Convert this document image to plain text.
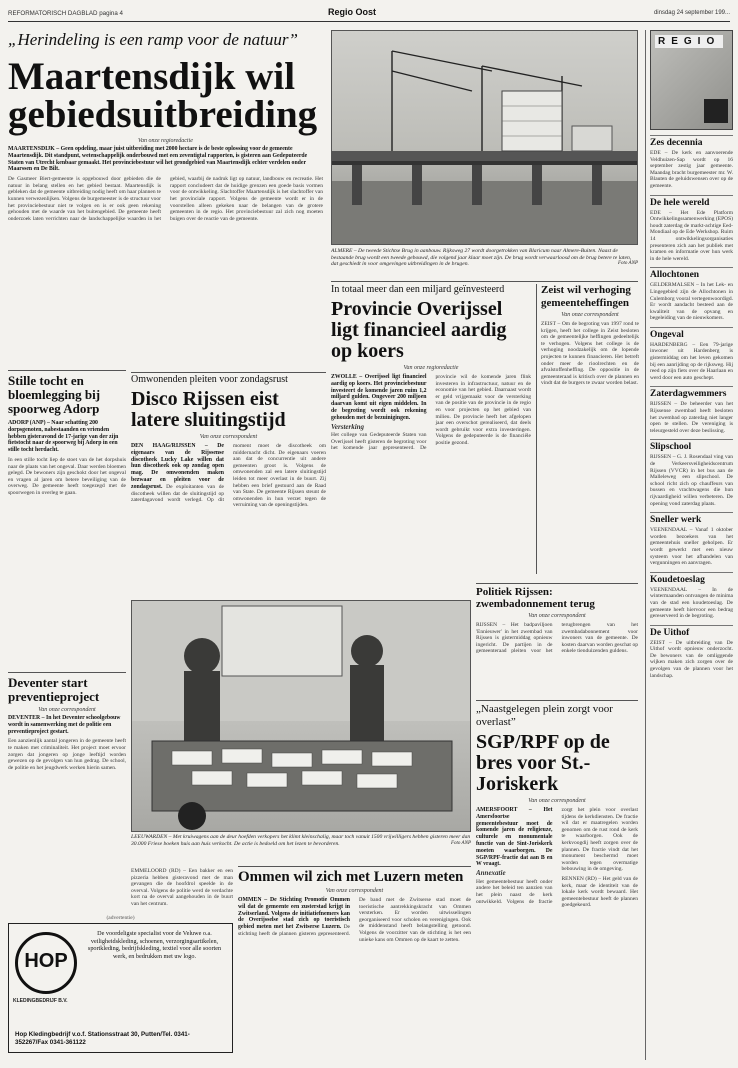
REFORMATORISCH DAGBLAD pagina 4	Regio Oost	dinsdag 24 september 199...
„Herindeling is een ramp voor de natuur”
Maartensdijk wil gebiedsuitbreiding
Van onze regioredactie
MAARTENSDIJK – Geen opdeling, maar juist uitbreiding met 2000 hectare is de beste oplossing voor de gemeente Maartensdijk. Dit standpunt, wetenschappelijk onderbouwd met een zeventigtal rapporten, is gisteren aan Gedeputeerde Staten van Utrecht kenbaar gemaakt. Het provinciebestuur wil het grondgebied van Maartensdijk echter verdelen onder Maarssen en De Bilt.
De Gasmeer Biert-gemeente is opgebouwd door gebieden die de natuur in belang stellen en het gebied bestaat. Maartensdijk is gebleken dat de gemeente uitbreiding nodig heeft om haar plannen te kunnen verwezenlijken. Volgens de burgemeester is de structuur voor het provinciebestuur niet te volgen en is er ook geen rekening gehouden met de waarde van het buitengebied. De gemeente heeft onderzoek laten verrichten naar de landschappelijke waarden in het gebied, waarbij de nadruk ligt op natuur, landbouw en recreatie. Het rapport concludeert dat de huidige grenzen een goede basis vormen voor de ontwikkeling. Slachtoffer Maartensdijk is het slachtoffer van het provinciale rapport. Volgens de gemeente wordt er in de voorstellen alleen gekeken naar de belangen van de grotere gemeenten in de regio. Het provinciebestuur zal zich nog moeten buigen over de reactie van de gemeente.
ALMERE – De tweede Stichtse Brug in aanbouw. Rijksweg 27 wordt doorgetrokken van Blaricum naar Almere-Buiten. Naast de bestaande brug wordt een tweede gebouwd, die volgend jaar klaar moet zijn. De brug wordt verwaarloosd om de brug betere te laten, dat geschiedt in voor omgevingen uitbreidingen in de brugen.	Foto ANP
REGIO
Zes decennia
EDE – De kerk en aanvoerende Veldhuizen-Sap wordt op 16 september zestig jaar gemeente. Maandag bracht burgemeester mr. W. Blauten de geluidswensen over op de gemeente.
De hele wereld
EDE – Het Ede Platform Ontwikkelingssamenwerking (EPOS) houdt zaterdag de markt-achtige Eed-Mondiaal op de Ede Werkshop. Ruim 14 ontwikkelingsorganisaties presenteren zich aan het publiek met kramen en informatie over hun werk in de hele wereld.
Allochtonen
GELDERMALSEN – In het Lek- en Lingegebied zijn de Allochtonen in Culemborg vooral vertegenwoordigd. Er wordt aandacht besteed aan de kwaliteit van de opvang en begeleiding van de nieuwkomers.
Ongeval
HARDENBERG – Een 79-jarige inwoner uit Hardenberg is gistermiddag om het leven gekomen bij een aanrijding op de rijksweg. Hij reed op zijn fiets over de Haarlaan en werd door een auto geschept.
Zaterdagwemmers
RIJSSEN – De beheerder van het Rijssense zwembad heeft besloten het zwembad op zaterdag niet langer open te stellen. De vereniging is teleurgesteld over deze beslissing.
Slipschool
RIJSSEN – G. J. Rosendaal ving van de Verkeersveiligheidscentrum Rijssen (VVCR) in het bus aan de Malleleweg een slipschool. De school richt zich op chauffeurs van bussen en vrachtwagens die hun rijvaardigheid willen verbeteren. De opening vond zaterdag plaats.
Sneller werk
VEENENDAAL – Vanaf 1 oktober worden bezoekers van het gemeentehuis sneller geholpen. Er wordt gewerkt met een nieuw systeem voor het afhandelen van vergunningen en aanvragen.
Koudetoeslag
VEENENDAAL – In de wintermaanden ontvangen de minima van de stad een koudetoeslag. De gemeente heeft hiervoor een bedrag gereserveerd in de begroting.
De Uithof
ZEIST – De uitbreiding van De Uithof wordt opnieuw onderzocht. De bewoners van de omliggende wijken maken zich zorgen over de gevolgen van de plannen voor het landschap.
In totaal meer dan een miljard geïnvesteerd
Provincie Overijssel ligt financieel aardig op koers
Van onze regioredactie
ZWOLLE – Overijssel ligt financieel aardig op koers. Het provinciebestuur investeert de komende jaren ruim 1,2 miljard gulden. Ongeveer 200 miljoen daarvan komt uit eigen middelen. In de begroting wordt ook rekening gehouden met de bezuinigingen.
Versterking
Het college van Gedeputeerde Staten van Overijssel heeft gisteren de begroting voor het komende jaar gepresenteerd. De provincie wil de komende jaren flink investeren in infrastructuur, natuur en de economie van het gebied. Daarnaast wordt er geld vrijgemaakt voor de versterking van de positie van de provincie in de regio en voor projecten op het gebied van milieu. De provincie heeft het afgelopen jaar een overschot gerealiseerd, dat deels wordt gebruikt voor extra investeringen. Volgens de gedeputeerde is de financiële positie gezond.
Zeist wil verhoging gemeenteheffingen
Van onze correspondent
ZEIST – Om de begroting van 1997 rond te krijgen, heeft het college in Zeist besloten om de gemeentelijke heffingen gedeeltelijk te verhogen. Volgens het college is de verhoging noodzakelijk om de lopende projecten te kunnen financieren. Het betreft onder meer de rioolrechten en de afvalstoffenheffing. De oppositie in de gemeenteraad is kritisch over de plannen en vindt dat de burgers te zwaar worden belast.
Stille tocht en bloemlegging bij spoorweg Adorp
ADORP (ANP) – Naar schatting 200 dorpsgenoten, nabestaanden en vrienden hebben gisteravond de 17-jarige van der zijn fietstocht naar de spoorweg bij Adorp in een stille tocht herdacht.
In een stille tocht liep de stoet van de het dorpshuis naar de plaats van het ongeval. Daar werden bloemen gelegd. De bewoners zijn geschokt door het ongeval en vragen al jaren om betere beveiliging van de overweg. De gemeente heeft toegezegd met de spoorwegen in overleg te gaan.
Deventer start preventieproject
Van onze correspondent
DEVENTER – In het Deventer schoolgebouw wordt in samenwerking met de politie een preventieproject gestart.
Een aanzienlijk aantal jongeren in de gemeente heeft te maken met criminaliteit. Het project moet ervoor zorgen dat jongeren op jonge leeftijd worden gewezen op de gevolgen van hun gedrag. De school, de politie en het jeugdwerk werken hierin samen.
Omwonenden pleiten voor zondagsrust
Disco Rijssen eist latere sluitingstijd
Van onze correspondent
DEN HAAG/RIJSSEN – De eigenaars van de Rijssense discotheek Lucky Lake willen dat hun discotheek ook op zondag open mag. De omwonenden maken bezwaar en pleiten voor de zondagsrust. De exploitanten van de discotheek willen dat de sluitingstijd op zaterdagavond wordt verlegd. Op dit moment moet de discotheek om middernacht dicht. De eigenaars voeren aan dat de concurrentie uit andere gemeenten groot is. Volgens de omwonenden zal een latere sluitingstijd leiden tot meer overlast in de buurt. Zij hebben een brief gestuurd aan de Raad van State. De gemeente Rijssen steunt de omwonenden in hun verzet tegen de verruiming van de openingstijden.
LEEUWARDEN – Met kruiwagens aan de deur hoefden verkopers het klimt kleinschalig, maar toch vanuit 1500 vrijwilligers hebben gisteren meer dan 30.000 Friese boeken huis aan huis verkocht. De actie is bedoeld om het lezen te bevorderen.	Foto ANP
EMMELOORD (RD) – Een bakker en een pizzeria hebben gisteravond met de man gevangen die de hoofdrol speelde in de overval. Volgens de politie werd de verdachte kort na de overval aangehouden in de buurt van het centrum.
Ommen wil zich met Luzern meten
Van onze correspondent
OMMEN – De Stichting Promotie Ommen wil dat de gemeente een zusterstad krijgt in Zwitserland. Volgens de initiatiefnemers kan de Overijsselse stad zich op toeristisch gebied meten met het Zwitserse Luzern. De stichting heeft de plannen gisteren gepresenteerd. De band met de Zwitserse stad moet de toeristische aantrekkingskracht van Ommen versterken. Er worden uitwisselingen georganiseerd voor scholen en verenigingen. Ook de middenstand heeft belangstelling getoond. Volgens de voorzitter van de stichting is het een unieke kans om Ommen op de kaart te zetten.
(advertentie)
HOP
KLEDINGBEDRIJF B.V.
De voordeligste specialist voor de Veluwe o.a. veiligheidskleding, schoenen, verzorgingsartikelen, sportkleding, bedrijfskleding, textiel voor alle soorten werk, en bedrukken met uw logo.
Hop Kledingbedrijf v.o.f. Stationsstraat 30, Putten/Tel. 0341-352267/Fax 0341-361122
Politiek Rijssen: zwembadonnement terug
Van onze correspondent
RIJSSEN – Het badpaviljoen 'Ennieuwer' in het zwembad van Rijssen is gistermiddag opnieuw ingericht. De partijen in de gemeenteraad pleiten voor het terugbrengen van het zwembadabonnement voor inwoners van de gemeente. De kosten daarvan worden geschat op enkele tienduizenden guldens.
„Naastgelegen plein zorgt voor overlast”
SGP/RPF op de bres voor St.-Joriskerk
Van onze correspondent
AMERSFOORT – Het Amersfoortse gemeentebestuur moet de komende jaren de religieuze, culturele en monumentale functie van de Sint-Joriskerk moeten waarborgen. De SGP/RPF-fractie dat aan B en W vraagt.
Annexatie
Het gemeentebestuur heeft onder andere het beleid ten aanzien van het plein naast de kerk ontwikkeld. Volgens de fractie zorgt het plein voor overlast tijdens de kerkdiensten. De fractie wil dat er maatregelen worden genomen om de rust rond de kerk te waarborgen. Ook de kerkvoogdij heeft zorgen over de plannen. De fractie vindt dat het monument beschermd moet worden tegen overmatige bebouwing in de omgeving.
RENNEN (RD) – Het geld van de kerk, maar de identiteit van de lokale kerk wordt bewaard. Het gemeentebestuur heeft de plannen goedgekeurd.
